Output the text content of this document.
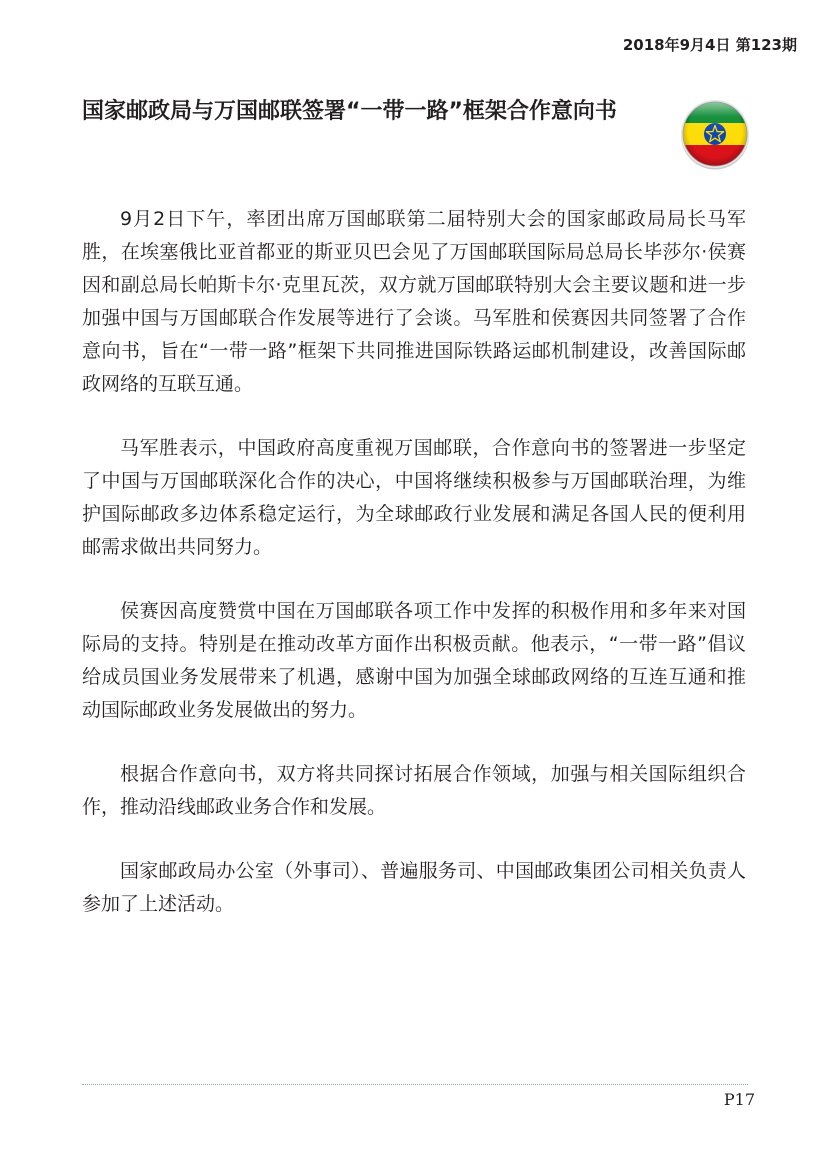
2018年9月4日 第123期
国家邮政局与万国邮联签署“一带一路”框架合作意向书

9月2日下午，率团出席万国邮联第二届特别大会的国家邮政局局长马军胜，在埃塞俄比亚首都亚的斯亚贝巴会见了万国邮联国际局总局长毕莎尔·侯赛因和副总局长帕斯卡尔·克里瓦茨，双方就万国邮联特别大会主要议题和进一步加强中国与万国邮联合作发展等进行了会谈。马军胜和侯赛因共同签署了合作意向书，旨在“一带一路”框架下共同推进国际铁路运邮机制建设，改善国际邮政网络的互联互通。

马军胜表示，中国政府高度重视万国邮联，合作意向书的签署进一步坚定了中国与万国邮联深化合作的决心，中国将继续积极参与万国邮联治理，为维护国际邮政多边体系稳定运行，为全球邮政行业发展和满足各国人民的便利用邮需求做出共同努力。

侯赛因高度赞赏中国在万国邮联各项工作中发挥的积极作用和多年来对国际局的支持。特别是在推动改革方面作出积极贡献。他表示，“一带一路”倡议给成员国业务发展带来了机遇，感谢中国为加强全球邮政网络的互连互通和推动国际邮政业务发展做出的努力。

根据合作意向书，双方将共同探讨拓展合作领域，加强与相关国际组织合作，推动沿线邮政业务合作和发展。

国家邮政局办公室（外事司）、普遍服务司、中国邮政集团公司相关负责人参加了上述活动。

P17
